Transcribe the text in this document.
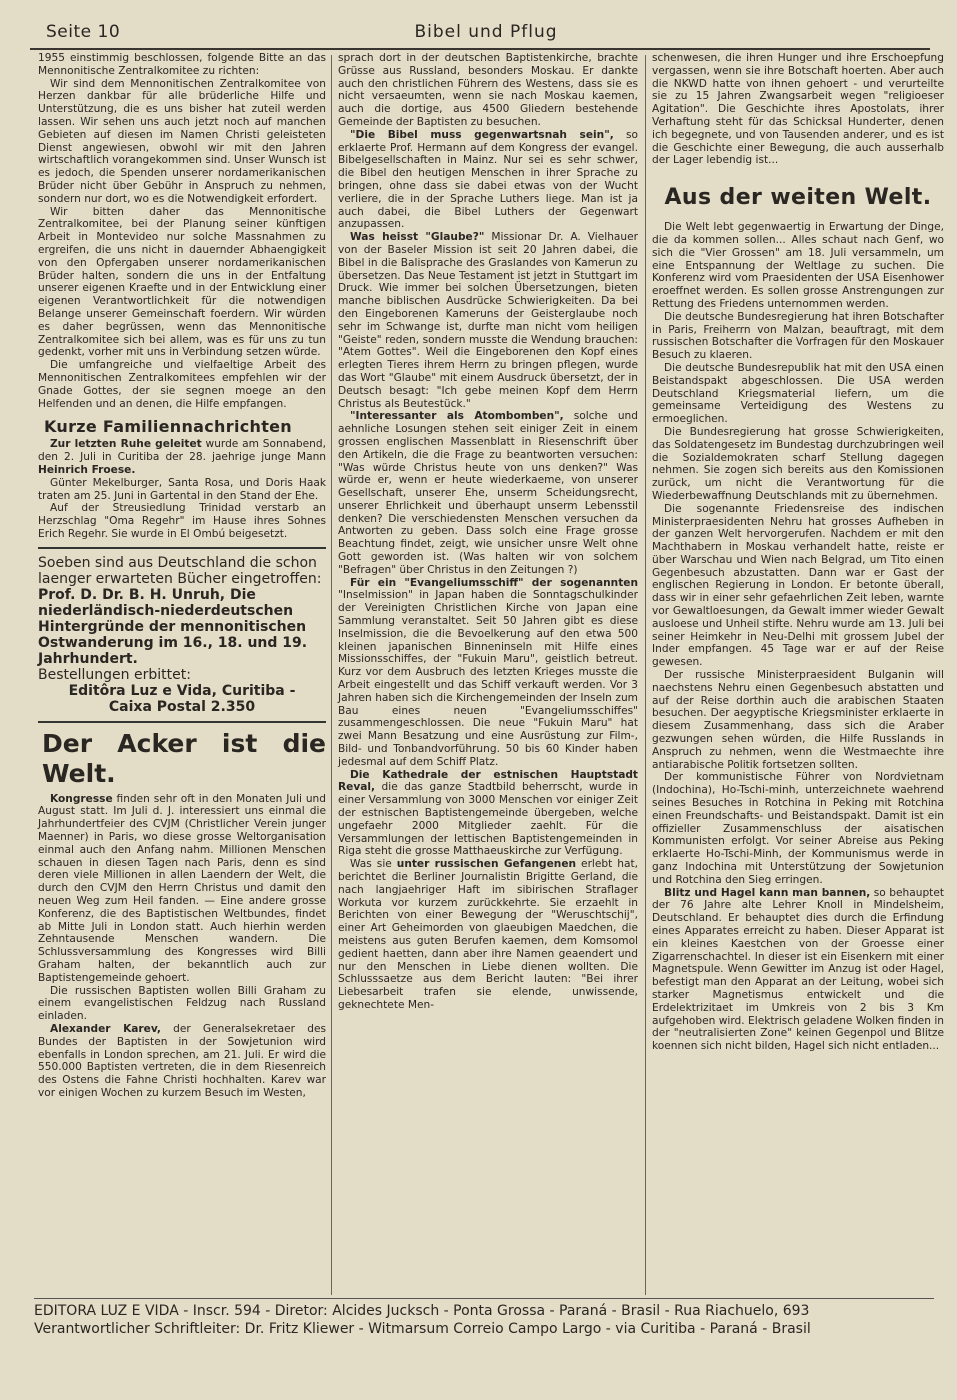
Seite 10	Bibel und Pflug

1955 einstimmig beschlossen, folgende Bitte an das Mennonitische Zentralkomitee zu richten:

Wir sind dem Mennonitischen Zentralkomitee von Herzen dankbar für alle brüderliche Hilfe und Unterstützung, die es uns bisher hat zuteil werden lassen. Wir sehen uns auch jetzt noch auf manchen Gebieten auf diesen im Namen Christi geleisteten Dienst angewiesen, obwohl wir mit den Jahren wirtschaftlich vorangekommen sind. Unser Wunsch ist es jedoch, die Spenden unserer nordamerikanischen Brüder nicht über Gebühr in Anspruch zu nehmen, sondern nur dort, wo es die Notwendigkeit erfordert.

Wir bitten daher das Mennonitische Zentralkomitee, bei der Planung seiner künftigen Arbeit in Montevideo nur solche Massnahmen zu ergreifen, die uns nicht in dauernder Abhaengigkeit von den Opfergaben unserer nordamerikanischen Brüder halten, sondern die uns in der Entfaltung unserer eigenen Kraefte und in der Entwicklung einer eigenen Verantwortlichkeit für die notwendigen Belange unserer Gemeinschaft foerdern. Wir würden es daher begrüssen, wenn das Mennonitische Zentralkomitee sich bei allem, was es für uns zu tun gedenkt, vorher mit uns in Verbindung setzen würde.

Die umfangreiche und vielfaeltige Arbeit des Mennonitischen Zentralkomitees empfehlen wir der Gnade Gottes, der sie segnen moege an den Helfenden und an denen, die Hilfe empfangen.

Kurze Familiennachrichten

Zur letzten Ruhe geleitet wurde am Sonnabend, den 2. Juli in Curitiba der 28. jaehrige junge Mann Heinrich Froese.

Günter Mekelburger, Santa Rosa, und Doris Haak traten am 25. Juni in Gartental in den Stand der Ehe.

Auf der Streusiedlung Trinidad verstarb an Herzschlag "Oma Regehr" im Hause ihres Sohnes Erich Regehr. Sie wurde in El Ombú beigesetzt.

Soeben sind aus Deutschland die schon laenger erwarteten Bücher eingetroffen:
Prof. D. Dr. B. H. Unruh, Die niederländisch-niederdeutschen Hintergründe der mennonitischen Ostwanderung im 16., 18. und 19. Jahrhundert.
Bestellungen erbittet:
Editôra Luz e Vida, Curitiba -
Caixa Postal 2.350
Der Acker ist die Welt.

Kongresse finden sehr oft in den Monaten Juli und August statt. Im Juli d. J. interessiert uns einmal die Jahrhundertfeier des CVJM (Christlicher Verein junger Maenner) in Paris, wo diese grosse Weltorganisation einmal auch den Anfang nahm. Millionen Menschen schauen in diesen Tagen nach Paris, denn es sind deren viele Millionen in allen Laendern der Welt, die durch den CVJM den Herrn Christus und damit den neuen Weg zum Heil fanden. — Eine andere grosse Konferenz, die des Baptistischen Weltbundes, findet ab Mitte Juli in London statt. Auch hierhin werden Zehntausende Menschen wandern. Die Schlussversammlung des Kongresses wird Billi Graham halten, der bekanntlich auch zur Baptistengemeinde gehoert.

Die russischen Baptisten wollen Billi Graham zu einem evangelistischen Feldzug nach Russland einladen.

Alexander Karev, der Generalsekretaer des Bundes der Baptisten in der Sowjetunion wird ebenfalls in London sprechen, am 21. Juli. Er wird die 550.000 Baptisten vertreten, die in dem Riesenreich des Ostens die Fahne Christi hochhalten. Karev war vor einigen Wochen zu kurzem Besuch im Westen,

sprach dort in der deutschen Baptistenkirche, brachte Grüsse aus Russland, besonders Moskau. Er dankte auch den christlichen Führern des Westens, dass sie es nicht versaeumten, wenn sie nach Moskau kaemen, auch die dortige, aus 4500 Gliedern bestehende Gemeinde der Baptisten zu besuchen.

"Die Bibel muss gegenwartsnah sein", so erklaerte Prof. Hermann auf dem Kongress der evangel. Bibelgesellschaften in Mainz. Nur sei es sehr schwer, die Bibel den heutigen Menschen in ihrer Sprache zu bringen, ohne dass sie dabei etwas von der Wucht verliere, die in der Sprache Luthers liege. Man ist ja auch dabei, die Bibel Luthers der Gegenwart anzupassen.

Was heisst "Glaube?" Missionar Dr. A. Vielhauer von der Baseler Mission ist seit 20 Jahren dabei, die Bibel in die Balisprache des Graslandes von Kamerun zu übersetzen. Das Neue Testament ist jetzt in Stuttgart im Druck. Wie immer bei solchen Übersetzungen, bieten manche biblischen Ausdrücke Schwierigkeiten. Da bei den Eingeborenen Kameruns der Geisterglaube noch sehr im Schwange ist, durfte man nicht vom heiligen "Geiste" reden, sondern musste die Wendung brauchen: "Atem Gottes". Weil die Eingeborenen den Kopf eines erlegten Tieres ihrem Herrn zu bringen pflegen, wurde das Wort "Glaube" mit einem Ausdruck übersetzt, der in Deutsch besagt: "Ich gebe meinen Kopf dem Herrn Christus als Beutestück."

"Interessanter als Atombomben", solche und aehnliche Losungen stehen seit einiger Zeit in einem grossen englischen Massenblatt in Riesenschrift über den Artikeln, die die Frage zu beantworten versuchen: "Was würde Christus heute von uns denken?" Was würde er, wenn er heute wiederkaeme, von unserer Gesellschaft, unserer Ehe, unserm Scheidungsrecht, unserer Ehrlichkeit und überhaupt unserm Lebensstil denken? Die verschiedensten Menschen versuchen da Antworten zu geben. Dass solch eine Frage grosse Beachtung findet, zeigt, wie unsicher unsre Welt ohne Gott geworden ist. (Was halten wir von solchem "Befragen" über Christus in den Zeitungen ?)

Für ein "Evangeliumsschiff" der sogenannten "Inselmission" in Japan haben die Sonntagschulkinder der Vereinigten Christlichen Kirche von Japan eine Sammlung veranstaltet. Seit 50 Jahren gibt es diese Inselmission, die die Bevoelkerung auf den etwa 500 kleinen japanischen Binneninseln mit Hilfe eines Missionsschiffes, der "Fukuin Maru", geistlich betreut. Kurz vor dem Ausbruch des letzten Krieges musste die Arbeit eingestellt und das Schiff verkauft werden. Vor 3 Jahren haben sich die Kirchengemeinden der Inseln zum Bau eines neuen "Evangeliumsschiffes" zusammengeschlossen. Die neue "Fukuin Maru" hat zwei Mann Besatzung und eine Ausrüstung zur Film-, Bild- und Tonbandvorführung. 50 bis 60 Kinder haben jedesmal auf dem Schiff Platz.

Die Kathedrale der estnischen Hauptstadt Reval, die das ganze Stadtbild beherrscht, wurde in einer Versammlung von 3000 Menschen vor einiger Zeit der estnischen Baptistengemeinde übergeben, welche ungefaehr 2000 Mitglieder zaehlt. Für die Versammlungen der lettischen Baptistengemeinden in Riga steht die grosse Matthaeuskirche zur Verfügung.

Was sie unter russischen Gefangenen erlebt hat, berichtet die Berliner Journalistin Brigitte Gerland, die nach langjaehriger Haft im sibirischen Straflager Workuta vor kurzem zurückkehrte. Sie erzaehlt in Berichten von einer Bewegung der "Weruschtschij", einer Art Geheimorden von glaeubigen Maedchen, die meistens aus guten Berufen kaemen, dem Komsomol gedient haetten, dann aber ihre Namen geaendert und nur den Menschen in Liebe dienen wollten. Die Schlusssaetze aus dem Bericht lauten: "Bei ihrer Liebesarbeit trafen sie elende, unwissende, geknechtete Men-

schenwesen, die ihren Hunger und ihre Erschoepfung vergassen, wenn sie ihre Botschaft hoerten. Aber auch die NKWD hatte von ihnen gehoert - und verurteilte sie zu 15 Jahren Zwangsarbeit wegen "religioeser Agitation". Die Geschichte ihres Apostolats, ihrer Verhaftung steht für das Schicksal Hunderter, denen ich begegnete, und von Tausenden anderer, und es ist die Geschichte einer Bewegung, die auch ausserhalb der Lager lebendig ist...

Aus der weiten Welt.

Die Welt lebt gegenwaertig in Erwartung der Dinge, die da kommen sollen... Alles schaut nach Genf, wo sich die "Vier Grossen" am 18. Juli versammeln, um eine Entspannung der Weltlage zu suchen. Die Konferenz wird vom Praesidenten der USA Eisenhower eroeffnet werden. Es sollen grosse Anstrengungen zur Rettung des Friedens unternommen werden.

Die deutsche Bundesregierung hat ihren Botschafter in Paris, Freiherrn von Malzan, beauftragt, mit dem russischen Botschafter die Vorfragen für den Moskauer Besuch zu klaeren.

Die deutsche Bundesrepublik hat mit den USA einen Beistandspakt abgeschlossen. Die USA werden Deutschland Kriegsmaterial liefern, um die gemeinsame Verteidigung des Westens zu ermoeglichen.

Die Bundesregierung hat grosse Schwierigkeiten, das Soldatengesetz im Bundestag durchzubringen weil die Sozialdemokraten scharf Stellung dagegen nehmen. Sie zogen sich bereits aus den Komissionen zurück, um nicht die Verantwortung für die Wiederbewaffnung Deutschlands mit zu übernehmen.

Die sogenannte Friedensreise des indischen Ministerpraesidenten Nehru hat grosses Aufheben in der ganzen Welt hervorgerufen. Nachdem er mit den Machthabern in Moskau verhandelt hatte, reiste er über Warschau und Wien nach Belgrad, um Tito einen Gegenbesuch abzustatten. Dann war er Gast der englischen Regierung in London. Er betonte überall, dass wir in einer sehr gefaehrlichen Zeit leben, warnte vor Gewaltloesungen, da Gewalt immer wieder Gewalt ausloese und Unheil stifte. Nehru wurde am 13. Juli bei seiner Heimkehr in Neu-Delhi mit grossem Jubel der Inder empfangen. 45 Tage war er auf der Reise gewesen.

Der russische Ministerpraesident Bulganin will naechstens Nehru einen Gegenbesuch abstatten und auf der Reise dorthin auch die arabischen Staaten besuchen. Der aegyptische Kriegsminister erklaerte in diesem Zusammenhang, dass sich die Araber gezwungen sehen würden, die Hilfe Russlands in Anspruch zu nehmen, wenn die Westmaechte ihre antiarabische Politik fortsetzen sollten.

Der kommunistische Führer von Nordvietnam (Indochina), Ho-Tschi-minh, unterzeichnete waehrend seines Besuches in Rotchina in Peking mit Rotchina einen Freundschafts- und Beistandspakt. Damit ist ein offizieller Zusammenschluss der aisatischen Kommunisten erfolgt. Vor seiner Abreise aus Peking erklaerte Ho-Tschi-Minh, der Kommunismus werde in ganz Indochina mit Unterstützung der Sowjetunion und Rotchina den Sieg erringen.

Blitz und Hagel kann man bannen, so behauptet der 76 Jahre alte Lehrer Knoll in Mindelsheim, Deutschland. Er behauptet dies durch die Erfindung eines Apparates erreicht zu haben. Dieser Apparat ist ein kleines Kaestchen von der Groesse einer Zigarrenschachtel. In dieser ist ein Eisenkern mit einer Magnetspule. Wenn Gewitter im Anzug ist oder Hagel, befestigt man den Apparat an der Leitung, wobei sich starker Magnetismus entwickelt und die Erdelektrizitaet im Umkreis von 2 bis 3 Km aufgehoben wird. Elektrisch geladene Wolken finden in der "neutralisierten Zone" keinen Gegenpol und Blitze koennen sich nicht bilden, Hagel sich nicht entladen...

EDITORA LUZ E VIDA - Inscr. 594 - Diretor: Alcides Jucksch - Ponta Grossa - Paraná - Brasil - Rua Riachuelo, 693
Verantwortlicher Schriftleiter: Dr. Fritz Kliewer - Witmarsum Correio Campo Largo - via Curitiba - Paraná - Brasil
